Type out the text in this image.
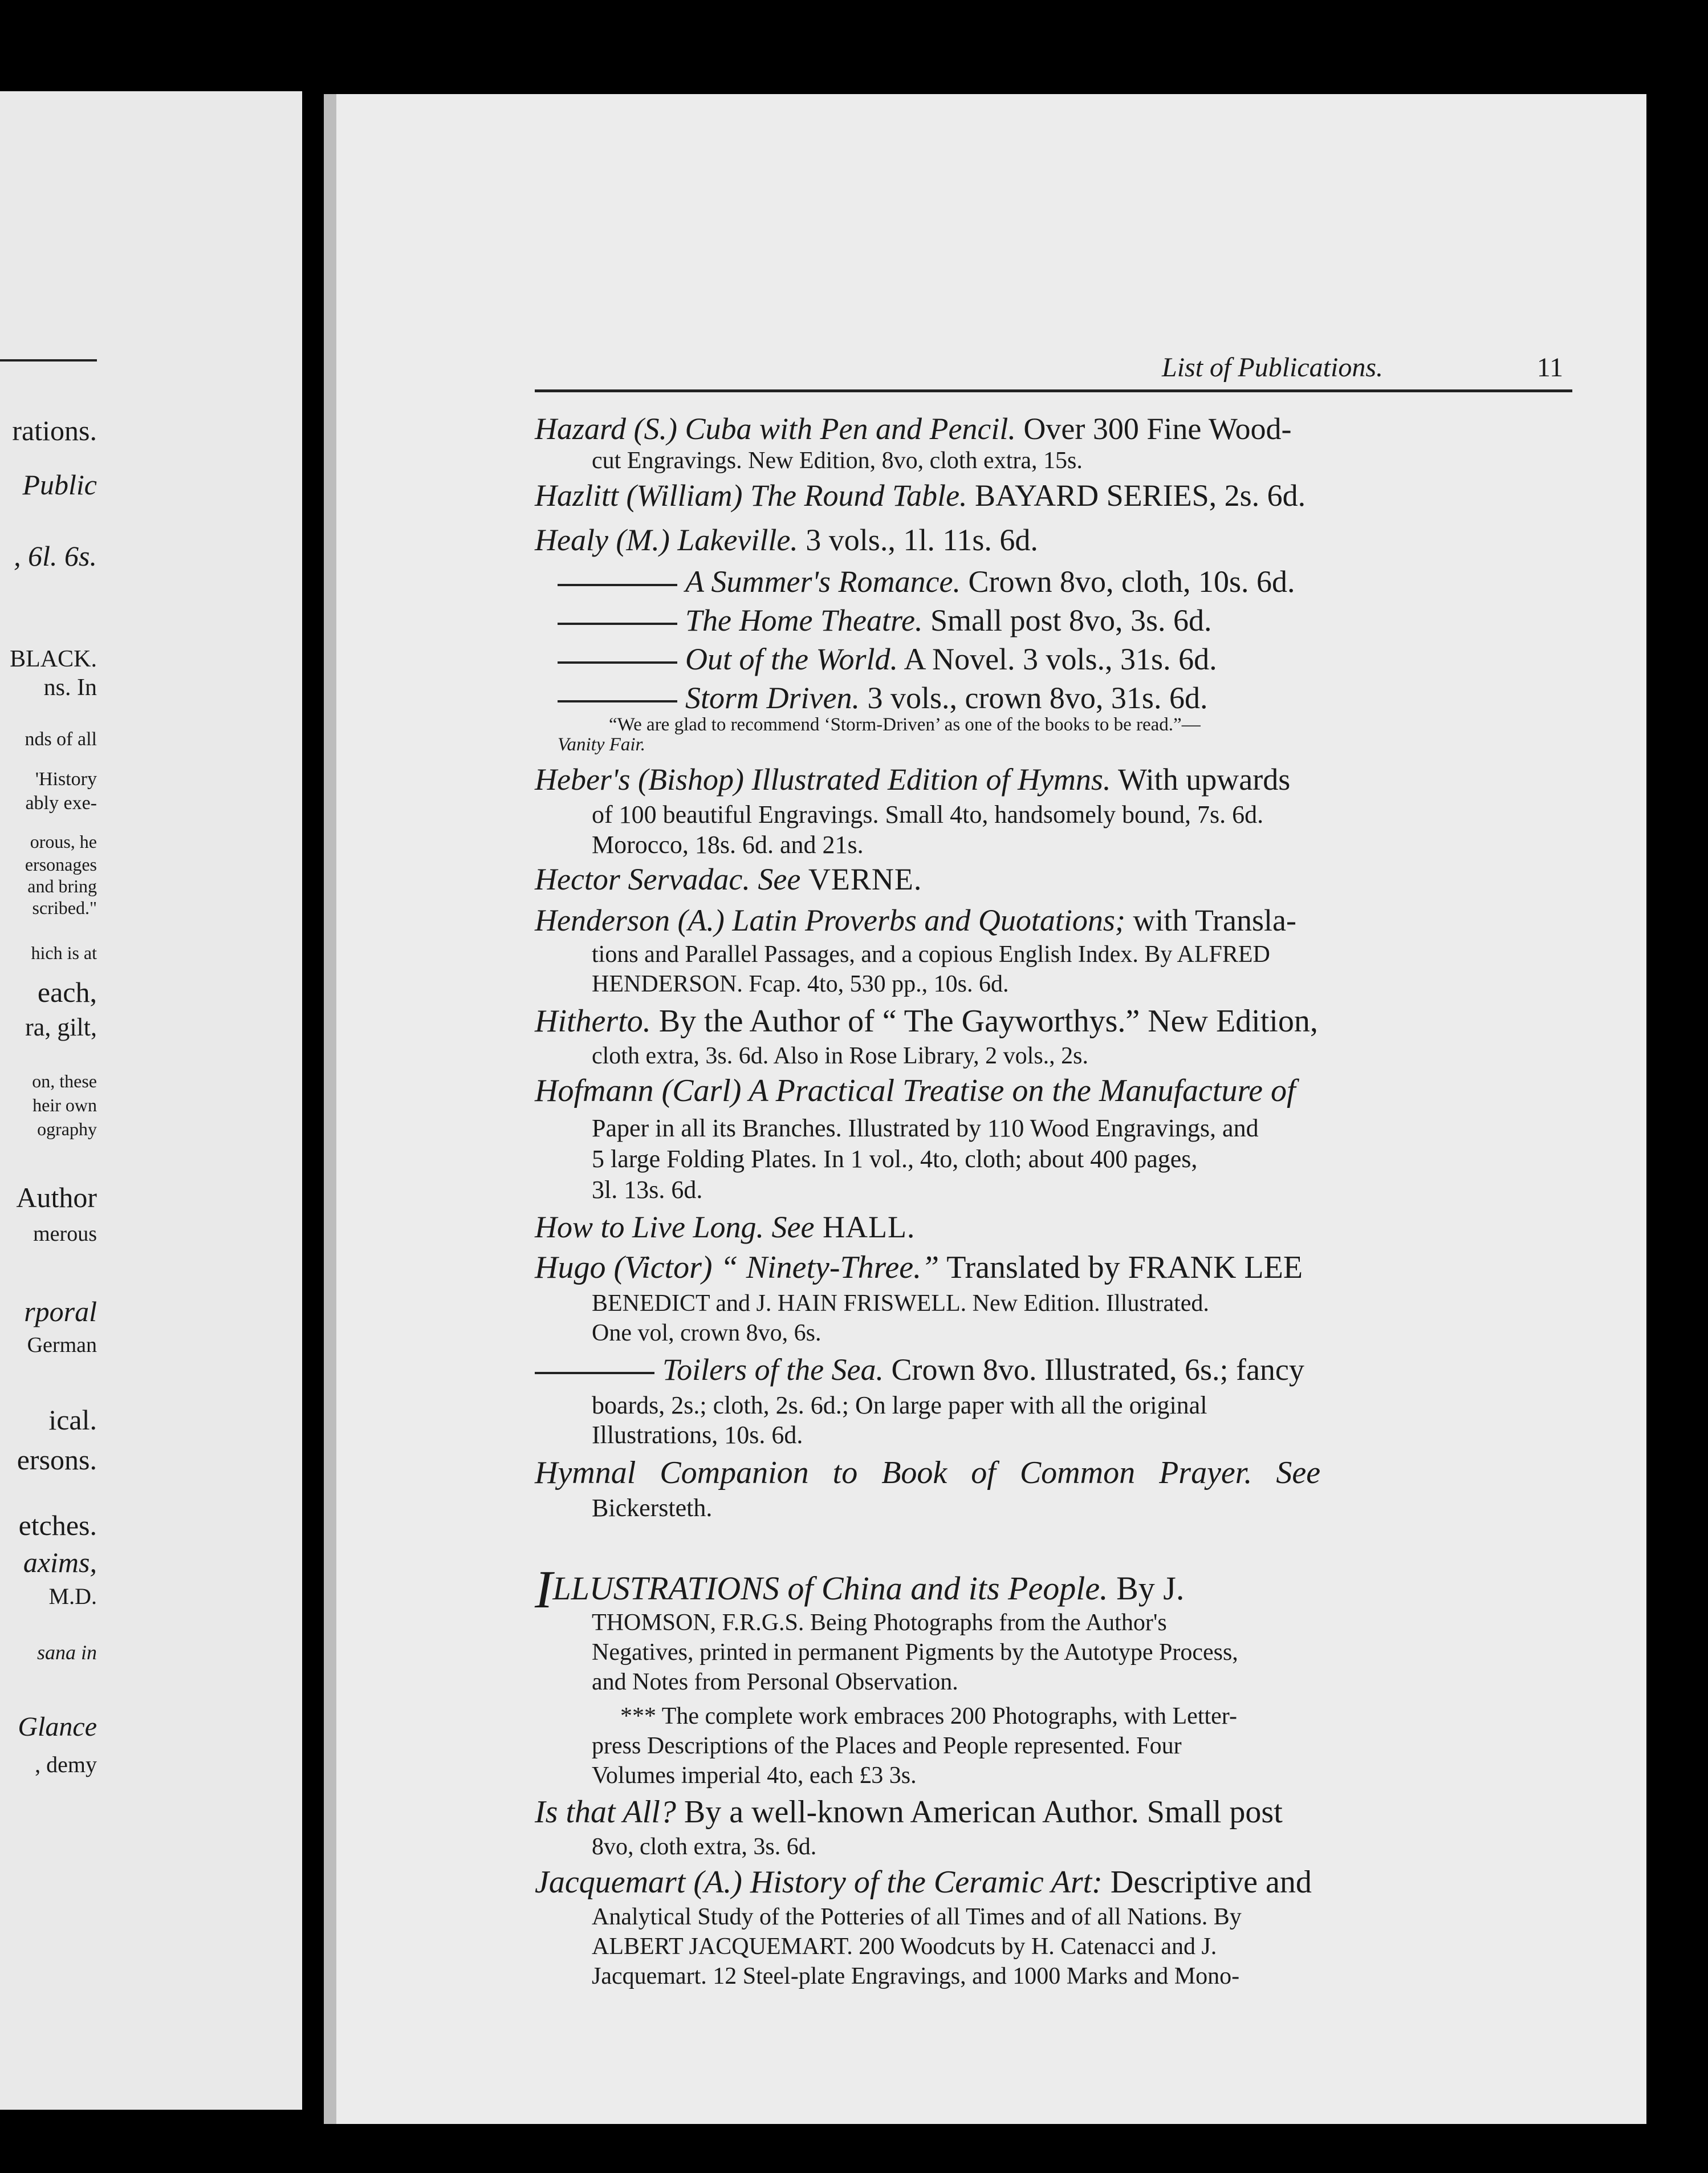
rations.
Public
, 6l. 6s.
BLACK.
ns. In
nds of all
'History
ably exe-
orous, he
ersonages
and bring
scribed."
hich is at
each,
ra, gilt,
on, these
heir own
ography
Author
merous
rporal
German
ical.
ersons.
etches.
axims,
M.D.
sana in
Glance
, demy
List of Publications.	11
Hazard (S.) Cuba with Pen and Pencil. Over 300 Fine Wood-
cut Engravings. New Edition, 8vo, cloth extra, 15s.
Hazlitt (William) The Round Table. BAYARD SERIES, 2s. 6d.
Healy (M.) Lakeville. 3 vols., 1l. 11s. 6d.
A Summer's Romance. Crown 8vo, cloth, 10s. 6d.
The Home Theatre. Small post 8vo, 3s. 6d.
Out of the World. A Novel. 3 vols., 31s. 6d.
Storm Driven. 3 vols., crown 8vo, 31s. 6d.
“We are glad to recommend ‘Storm-Driven’ as one of the books to be read.”—
Vanity Fair.
Heber's (Bishop) Illustrated Edition of Hymns. With upwards
of 100 beautiful Engravings. Small 4to, handsomely bound, 7s. 6d.
Morocco, 18s. 6d. and 21s.
Hector Servadac. See VERNE.
Henderson (A.) Latin Proverbs and Quotations; with Transla-
tions and Parallel Passages, and a copious English Index. By ALFRED
HENDERSON. Fcap. 4to, 530 pp., 10s. 6d.
Hitherto. By the Author of “ The Gayworthys.” New Edition,
cloth extra, 3s. 6d. Also in Rose Library, 2 vols., 2s.
Hofmann (Carl) A Practical Treatise on the Manufacture of
Paper in all its Branches. Illustrated by 110 Wood Engravings, and
5 large Folding Plates. In 1 vol., 4to, cloth; about 400 pages,
3l. 13s. 6d.
How to Live Long. See HALL.
Hugo (Victor) “ Ninety-Three.” Translated by FRANK LEE
BENEDICT and J. HAIN FRISWELL. New Edition. Illustrated.
One vol, crown 8vo, 6s.
Toilers of the Sea. Crown 8vo. Illustrated, 6s.; fancy
boards, 2s.; cloth, 2s. 6d.; On large paper with all the original
Illustrations, 10s. 6d.
Hymnal Companion to Book of Common Prayer. See
Bickersteth.
ILLUSTRATIONS of China and its People. By J.
THOMSON, F.R.G.S. Being Photographs from the Author's
Negatives, printed in permanent Pigments by the Autotype Process,
and Notes from Personal Observation.
*** The complete work embraces 200 Photographs, with Letter-
press Descriptions of the Places and People represented. Four
Volumes imperial 4to, each £3 3s.
Is that All? By a well-known American Author. Small post
8vo, cloth extra, 3s. 6d.
Jacquemart (A.) History of the Ceramic Art: Descriptive and
Analytical Study of the Potteries of all Times and of all Nations. By
ALBERT JACQUEMART. 200 Woodcuts by H. Catenacci and J.
Jacquemart. 12 Steel-plate Engravings, and 1000 Marks and Mono-
